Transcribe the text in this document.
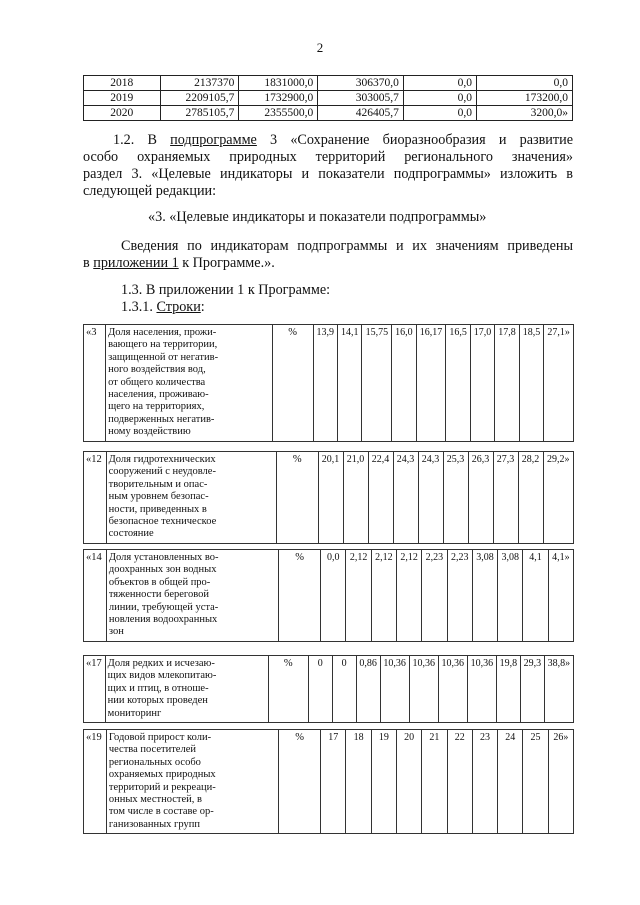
2
2018	2137370	1831000,0	306370,0	0,0	0,0
2019	2209105,7	1732900,0	303005,7	0,0	173200,0
2020	2785105,7	2355500,0	426405,7	0,0	3200,0»
1.2. В подпрограмме 3 «Сохранение биоразнообразия и развитие
особо охраняемых природных территорий регионального значения»
раздел 3. «Целевые индикаторы и показатели подпрограммы» изложить в
следующей редакции:
«3. «Целевые индикаторы и показатели подпрограммы»
Сведения по индикаторам подпрограммы и их значениям приведены
в приложении 1 к Программе.».
1.3. В приложении 1 к Программе:
1.3.1. Строки:
«3	Доля населения, прожи-
вающего на территории,
защищенной от негатив-
ного воздействия вод,
от общего количества
населения, проживаю-
щего на территориях,
подверженных негатив-
ному воздействию
	%	13,9	14,1	15,75	16,0	16,17	16,5	17,0	17,8	18,5	27,1»
«12	Доля гидротехнических
сооружений с неудовле-
творительным и опас-
ным уровнем безопас-
ности, приведенных в
безопасное техническое
состояние
	%	20,1	21,0	22,4	24,3	24,3	25,3	26,3	27,3	28,2	29,2»
«14	Доля установленных во-
доохранных зон водных
объектов в общей про-
тяженности береговой
линии, требующей уста-
новления водоохранных
зон
	%	0,0	2,12	2,12	2,12	2,23	2,23	3,08	3,08	4,1	4,1»
«17	Доля редких и исчезаю-
щих видов млекопитаю-
щих и птиц, в отноше-
нии которых проведен
мониторинг
	%	0	0	0,86	10,36	10,36	10,36	10,36	19,8	29,3	38,8»
«19	Годовой прирост коли-
чества посетителей
региональных особо
охраняемых природных
территорий и рекреаци-
онных местностей, в
том числе в составе ор-
ганизованных групп
	%	17	18	19	20	21	22	23	24	25	26»
